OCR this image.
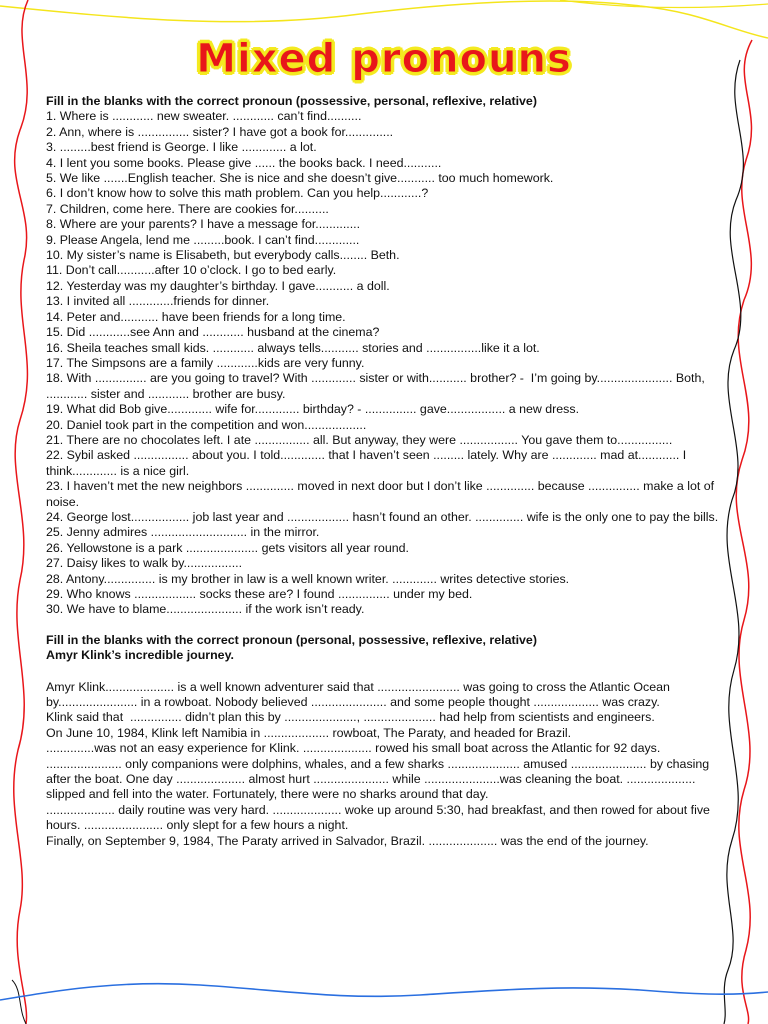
Mixed pronouns
Fill in the blanks with the correct pronoun (possessive, personal, reflexive, relative)
1. Where is ............ new sweater. ............ can’t find..........
2. Ann, where is ............... sister? I have got a book for..............
3. .........best friend is George. I like ............. a lot.
4. I lent you some books. Please give ...... the books back. I need...........
5. We like .......English teacher. She is nice and she doesn’t give........... too much homework.
6. I don’t know how to solve this math problem. Can you help............?
7. Children, come here. There are cookies for..........
8. Where are your parents? I have a message for.............
9. Please Angela, lend me .........book. I can’t find.............
10. My sister’s name is Elisabeth, but everybody calls........ Beth.
11. Don’t call...........after 10 o’clock. I go to bed early.
12. Yesterday was my daughter’s birthday. I gave........... a doll.
13. I invited all .............friends for dinner.
14. Peter and........... have been friends for a long time.
15. Did ............see Ann and ............ husband at the cinema?
16. Sheila teaches small kids. ............ always tells........... stories and ................like it a lot.
17. The Simpsons are a family ............kids are very funny.
18. With ............... are you going to travel? With ............. sister or with........... brother? -  I’m going by...................... Both, ............ sister and ............ brother are busy.
19. What did Bob give............. wife for............. birthday? - ............... gave................. a new dress.
20. Daniel took part in the competition and won..................
21. There are no chocolates left. I ate ................ all. But anyway, they were ................. You gave them to................
22. Sybil asked ................ about you. I told............. that I haven’t seen ......... lately. Why are ............. mad at............ I think............. is a nice girl.
23. I haven’t met the new neighbors .............. moved in next door but I don’t like .............. because ............... make a lot of noise.
24. George lost................. job last year and .................. hasn’t found an other. .............. wife is the only one to pay the bills.
25. Jenny admires ............................ in the mirror.
26. Yellowstone is a park ..................... gets visitors all year round.
27. Daisy likes to walk by.................
28. Antony............... is my brother in law is a well known writer. ............. writes detective stories.
29. Who knows .................. socks these are? I found ............... under my bed.
30. We have to blame...................... if the work isn’t ready.
Fill in the blanks with the correct pronoun (personal, possessive, reflexive, relative)
Amyr Klink’s incredible journey.
Amyr Klink.................... is a well known adventurer said that ........................ was going to cross the Atlantic Ocean by....................... in a rowboat. Nobody believed ...................... and some people thought ................... was crazy.
Klink said that  ............... didn’t plan this by ....................., ..................... had help from scientists and engineers.
On June 10, 1984, Klink left Namibia in ................... rowboat, The Paraty, and headed for Brazil.
..............was not an easy experience for Klink. .................... rowed his small boat across the Atlantic for 92 days. ...................... only companions were dolphins, whales, and a few sharks ..................... amused ...................... by chasing after the boat. One day .................... almost hurt ...................... while ......................was cleaning the boat. .................... slipped and fell into the water. Fortunately, there were no sharks around that day.
.................... daily routine was very hard. .................... woke up around 5:30, had breakfast, and then rowed for about five hours. ....................... only slept for a few hours a night.
Finally, on September 9, 1984, The Paraty arrived in Salvador, Brazil. .................... was the end of the journey.
